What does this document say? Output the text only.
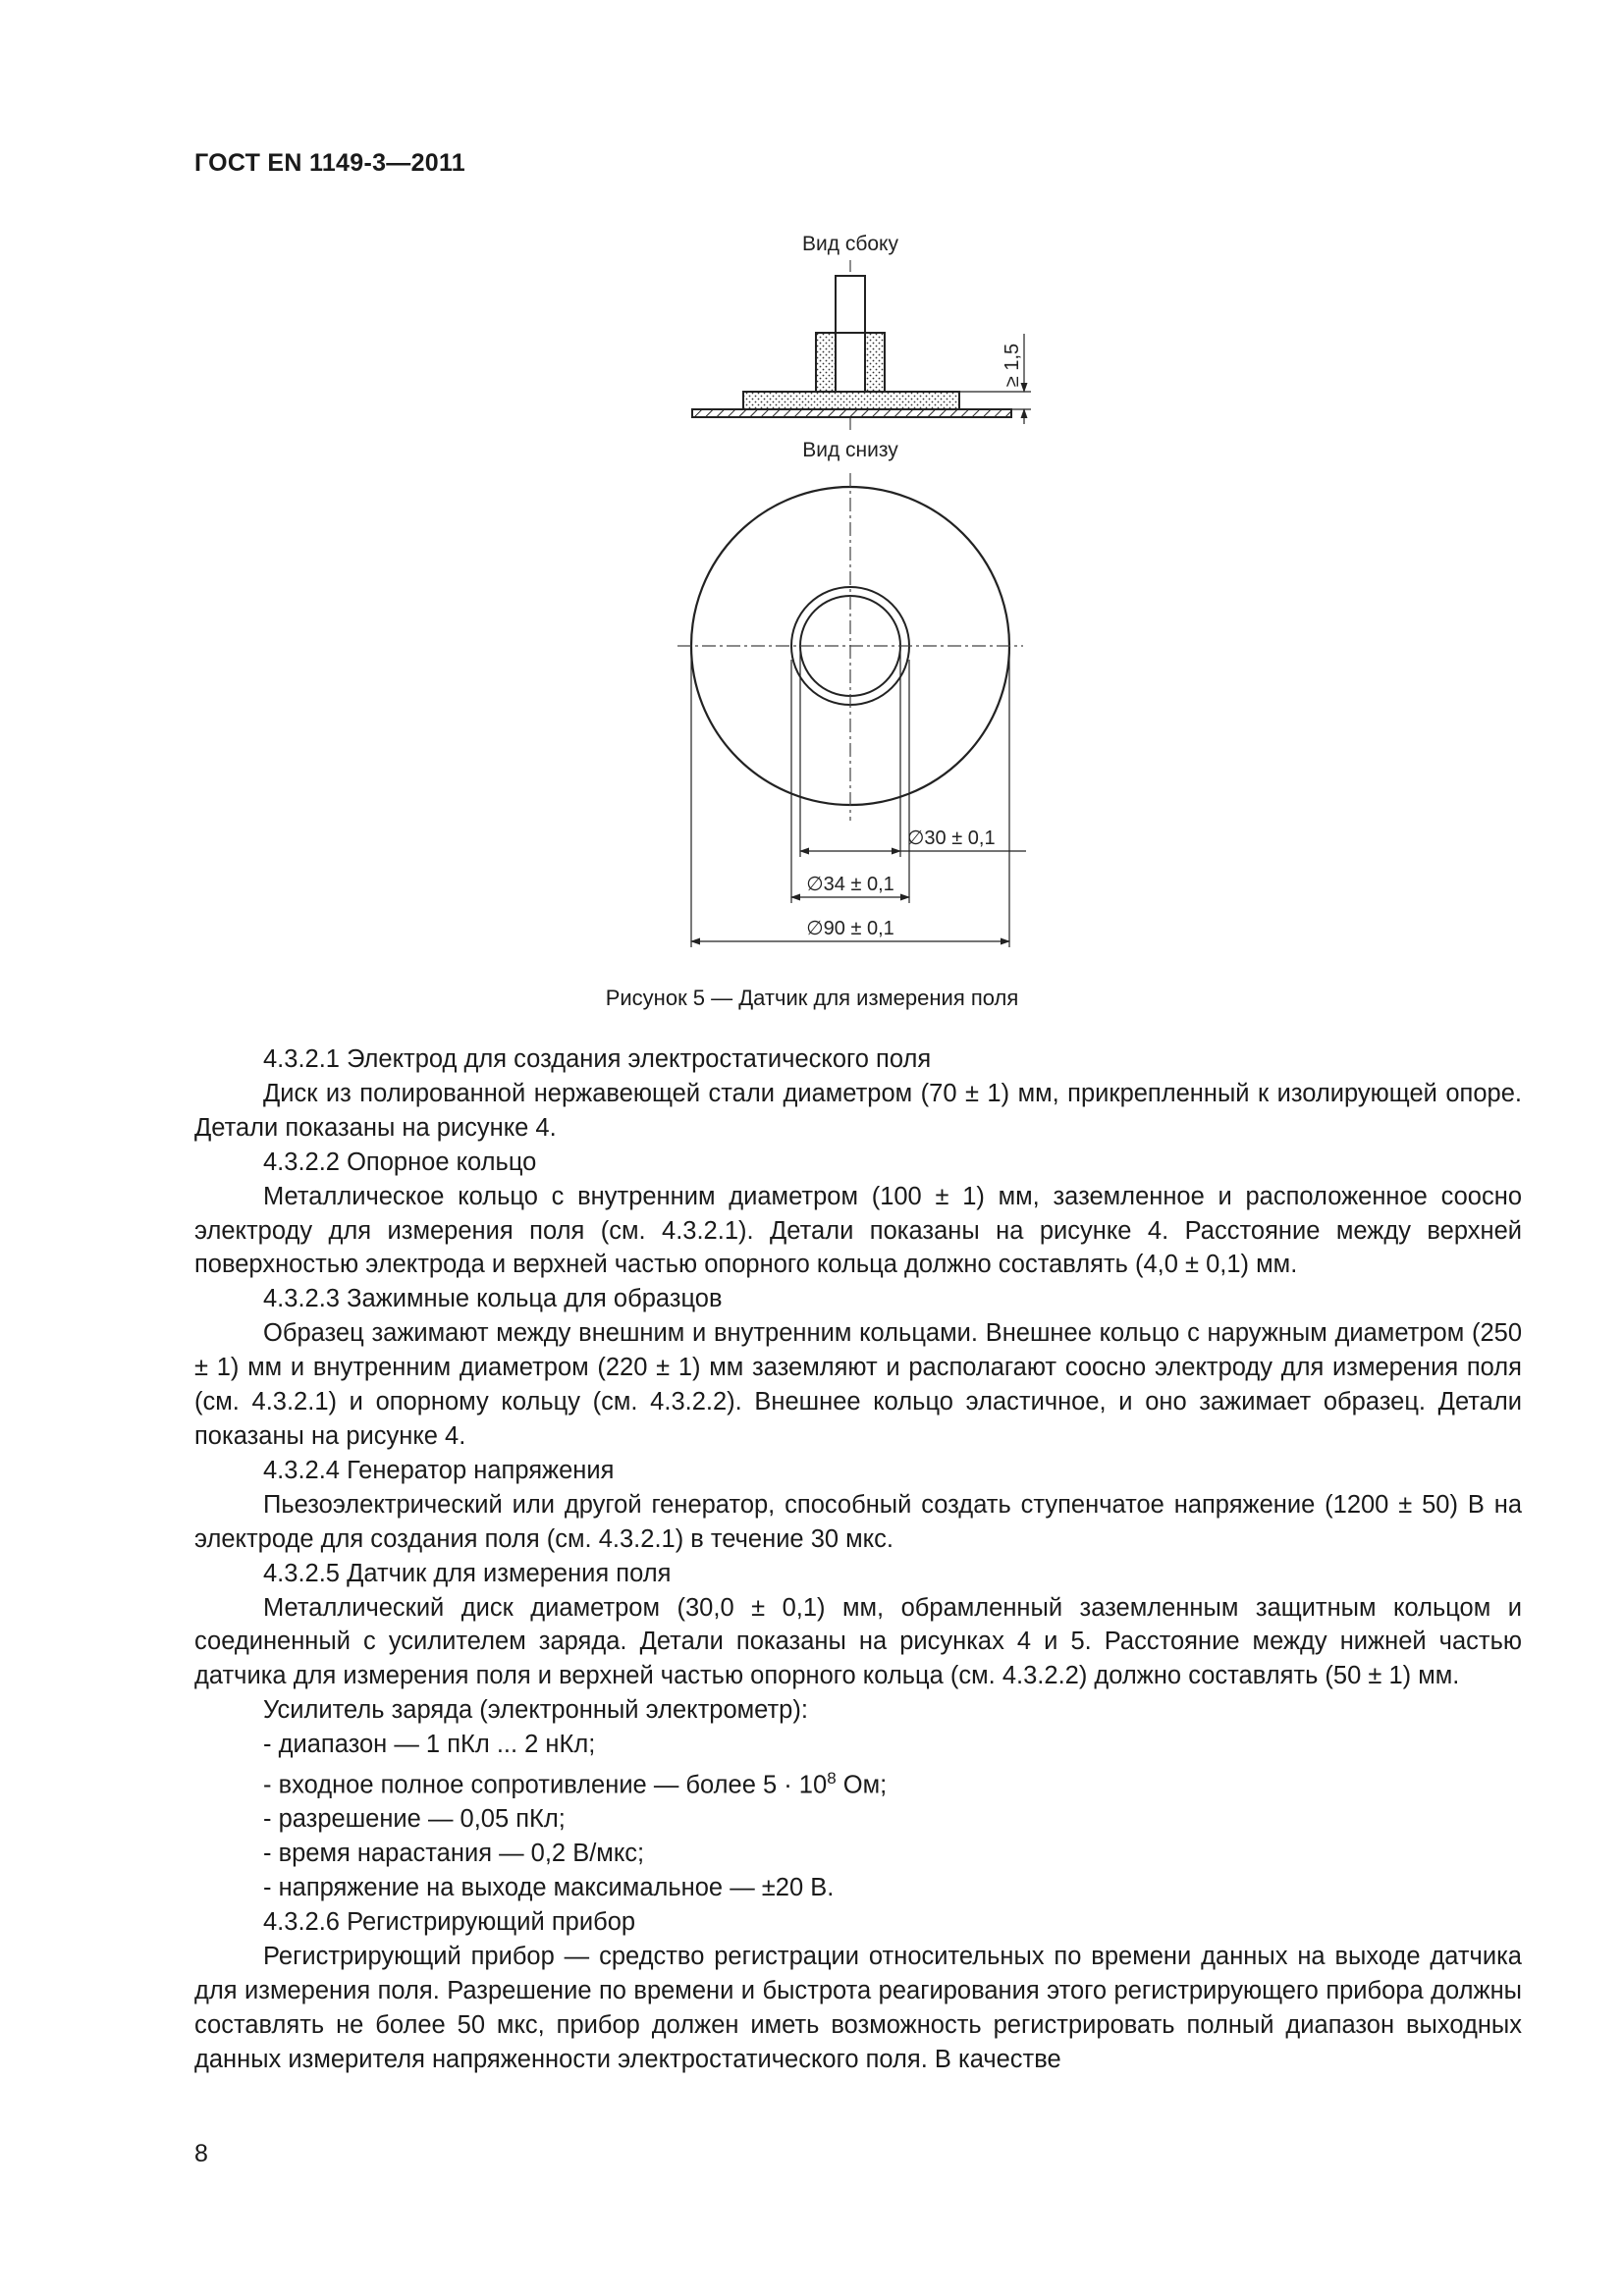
ГОСТ EN 1149-3—2011
Вид сбоку
≥ 1,5
Вид снизу
∅30 ± 0,1
∅34 ± 0,1
∅90 ± 0,1
Рисунок 5 — Датчик для измерения поля

4.3.2.1 Электрод для создания электростатического поля

Диск из полированной нержавеющей стали диаметром (70 ± 1) мм, прикрепленный к изолирующей опоре. Детали показаны на рисунке 4.

4.3.2.2 Опорное кольцо

Металлическое кольцо с внутренним диаметром (100 ± 1) мм, заземленное и расположенное соосно электроду для измерения поля (см. 4.3.2.1). Детали показаны на рисунке 4. Расстояние между верхней поверхностью электрода и верхней частью опорного кольца должно составлять (4,0 ± 0,1) мм.

4.3.2.3 Зажимные кольца для образцов

Образец зажимают между внешним и внутренним кольцами. Внешнее кольцо с наружным диаметром (250 ± 1) мм и внутренним диаметром (220 ± 1) мм заземляют и располагают соосно электроду для измерения поля (см. 4.3.2.1) и опорному кольцу (см. 4.3.2.2). Внешнее кольцо эластичное, и оно зажимает образец. Детали показаны на рисунке 4.

4.3.2.4 Генератор напряжения

Пьезоэлектрический или другой генератор, способный создать ступенчатое напряжение (1200 ± 50) В на электроде для создания поля (см. 4.3.2.1) в течение 30 мкс.

4.3.2.5 Датчик для измерения поля

Металлический диск диаметром (30,0 ± 0,1) мм, обрамленный заземленным защитным кольцом и соединенный с усилителем заряда. Детали показаны на рисунках 4 и 5. Расстояние между нижней частью датчика для измерения поля и верхней частью опорного кольца (см. 4.3.2.2) должно составлять (50 ± 1) мм.

Усилитель заряда (электронный электрометр):

- диапазон — 1 пКл ... 2 нКл;

- входное полное сопротивление — более $5 \cdot 10^8$ Ом;

- разрешение — 0,05 пКл;

- время нарастания — 0,2 В/мкс;

- напряжение на выходе максимальное — ±20 В.

4.3.2.6 Регистрирующий прибор

Регистрирующий прибор — средство регистрации относительных по времени данных на выходе датчика для измерения поля. Разрешение по времени и быстрота реагирования этого регистрирующего прибора должны составлять не более 50 мкс, прибор должен иметь возможность регистрировать полный диапазон выходных данных измерителя напряженности электростатического поля. В качестве

8
